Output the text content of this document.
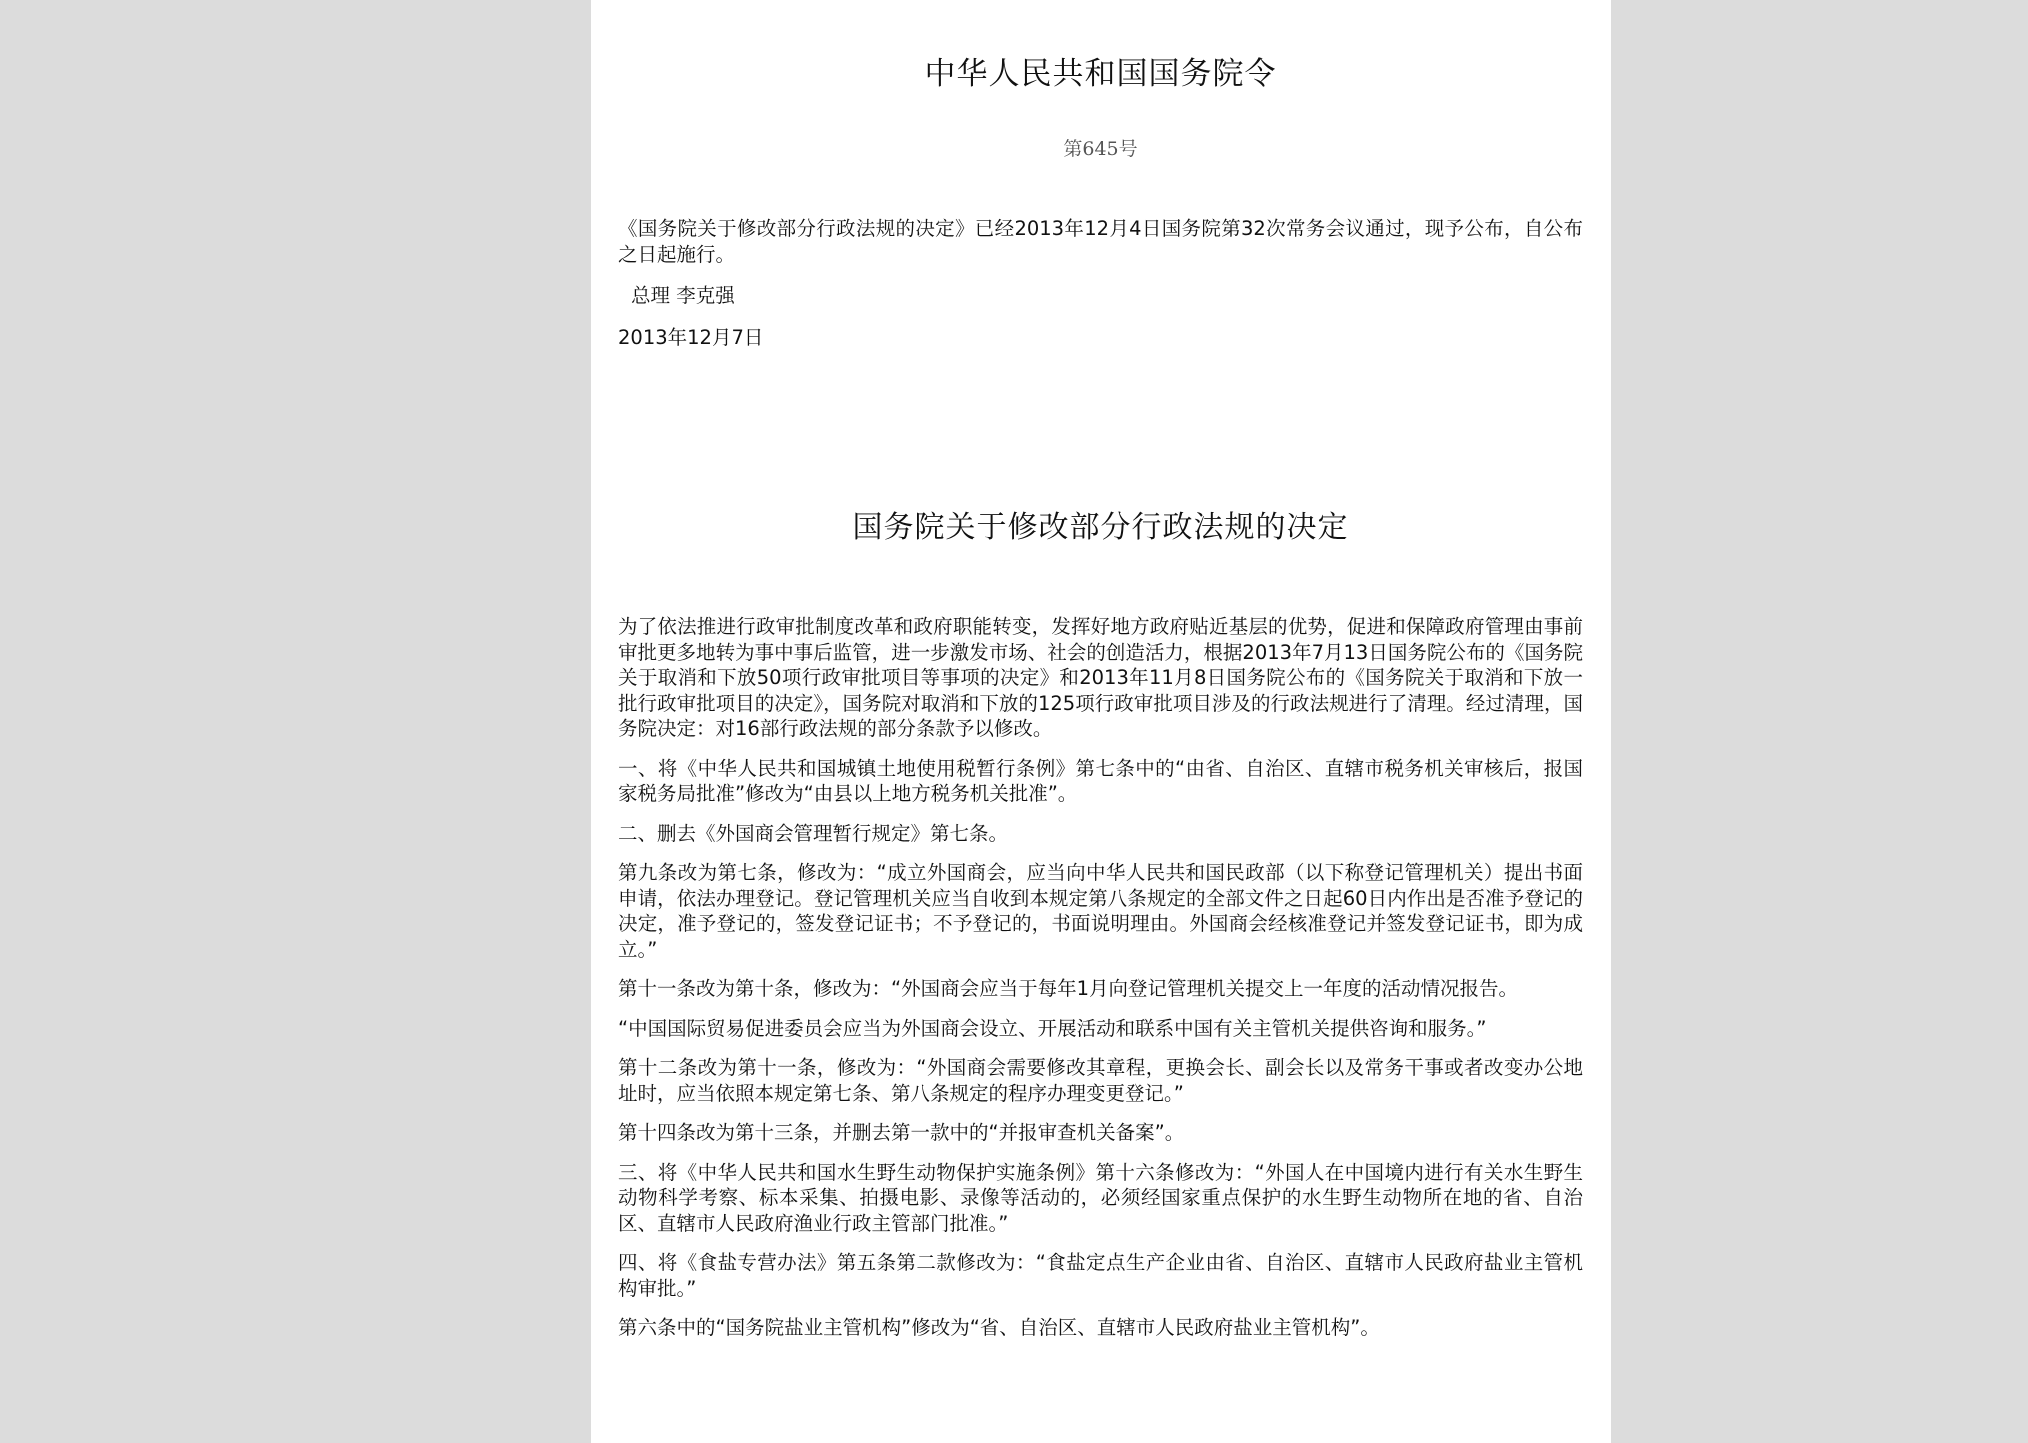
中华人民共和国国务院令
第645号

《国务院关于修改部分行政法规的决定》已经2013年12月4日国务院第32次常务会议通过，现予公布，自公布之日起施行。

总理 李克强

2013年12月7日

国务院关于修改部分行政法规的决定

为了依法推进行政审批制度改革和政府职能转变，发挥好地方政府贴近基层的优势，促进和保障政府管理由事前审批更多地转为事中事后监管，进一步激发市场、社会的创造活力，根据2013年7月13日国务院公布的《国务院关于取消和下放50项行政审批项目等事项的决定》和2013年11月8日国务院公布的《国务院关于取消和下放一批行政审批项目的决定》，国务院对取消和下放的125项行政审批项目涉及的行政法规进行了清理。经过清理，国务院决定：对16部行政法规的部分条款予以修改。

一、将《中华人民共和国城镇土地使用税暂行条例》第七条中的“由省、自治区、直辖市税务机关审核后，报国家税务局批准”修改为“由县以上地方税务机关批准”。

二、删去《外国商会管理暂行规定》第七条。

第九条改为第七条，修改为：“成立外国商会，应当向中华人民共和国民政部（以下称登记管理机关）提出书面申请，依法办理登记。登记管理机关应当自收到本规定第八条规定的全部文件之日起60日内作出是否准予登记的决定，准予登记的，签发登记证书；不予登记的，书面说明理由。外国商会经核准登记并签发登记证书，即为成立。”

第十一条改为第十条，修改为：“外国商会应当于每年1月向登记管理机关提交上一年度的活动情况报告。

“中国国际贸易促进委员会应当为外国商会设立、开展活动和联系中国有关主管机关提供咨询和服务。”

第十二条改为第十一条，修改为：“外国商会需要修改其章程，更换会长、副会长以及常务干事或者改变办公地址时，应当依照本规定第七条、第八条规定的程序办理变更登记。”

第十四条改为第十三条，并删去第一款中的“并报审查机关备案”。

三、将《中华人民共和国水生野生动物保护实施条例》第十六条修改为：“外国人在中国境内进行有关水生野生动物科学考察、标本采集、拍摄电影、录像等活动的，必须经国家重点保护的水生野生动物所在地的省、自治区、直辖市人民政府渔业行政主管部门批准。”

四、将《食盐专营办法》第五条第二款修改为：“食盐定点生产企业由省、自治区、直辖市人民政府盐业主管机构审批。”

第六条中的“国务院盐业主管机构”修改为“省、自治区、直辖市人民政府盐业主管机构”。
